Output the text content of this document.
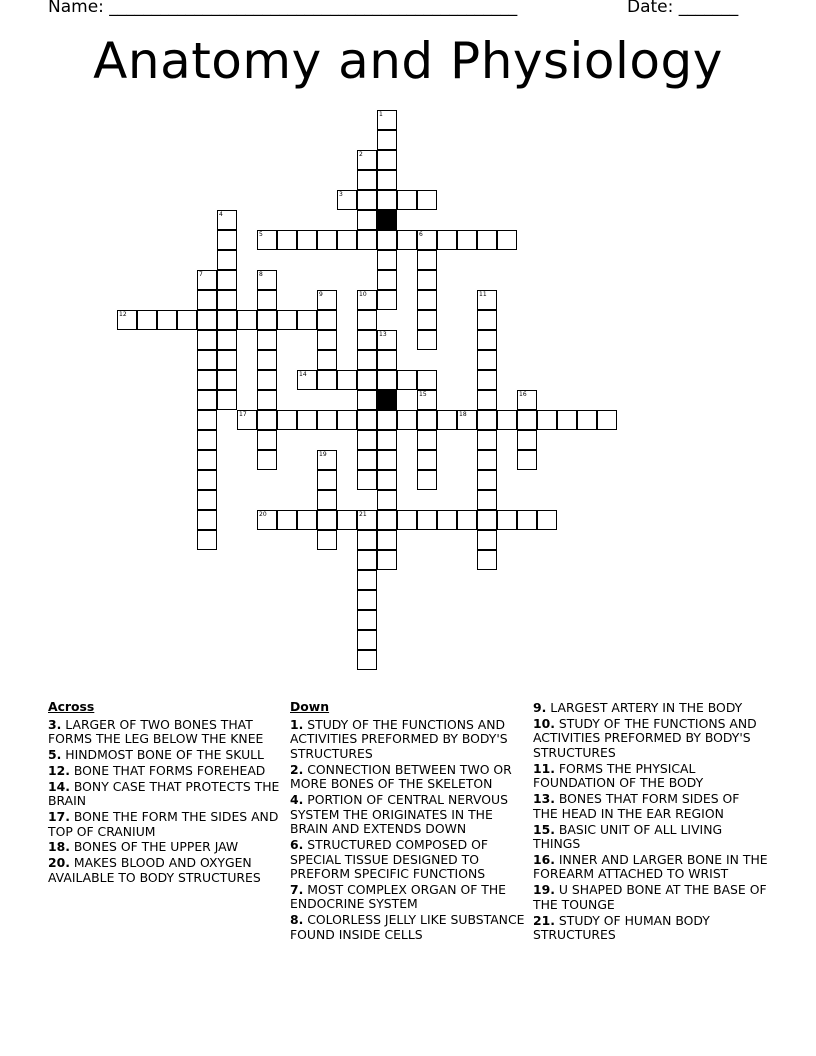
Name: ________________________________________________	Date: _______
Anatomy and Physiology
1
2
3
4
5	6
7	8
9	10	11
12
13
14
15	16
17	18
19
20	21
Across
3. LARGER OF TWO BONES THAT FORMS THE LEG BELOW THE KNEE
5. HINDMOST BONE OF THE SKULL
12. BONE THAT FORMS FOREHEAD
14. BONY CASE THAT PROTECTS THE BRAIN
17. BONE THE FORM THE SIDES AND TOP OF CRANIUM
18. BONES OF THE UPPER JAW
20. MAKES BLOOD AND OXYGEN AVAILABLE TO BODY STRUCTURES
Down
1. STUDY OF THE FUNCTIONS AND ACTIVITIES PREFORMED BY BODY'S STRUCTURES
2. CONNECTION BETWEEN TWO OR MORE BONES OF THE SKELETON
4. PORTION OF CENTRAL NERVOUS SYSTEM THE ORIGINATES IN THE BRAIN AND EXTENDS DOWN
6. STRUCTURED COMPOSED OF SPECIAL TISSUE DESIGNED TO PREFORM SPECIFIC FUNCTIONS
7. MOST COMPLEX ORGAN OF THE ENDOCRINE SYSTEM
8. COLORLESS JELLY LIKE SUBSTANCE FOUND INSIDE CELLS
9. LARGEST ARTERY IN THE BODY
10. STUDY OF THE FUNCTIONS AND ACTIVITIES PREFORMED BY BODY'S STRUCTURES
11. FORMS THE PHYSICAL FOUNDATION OF THE BODY
13. BONES THAT FORM SIDES OF THE HEAD IN THE EAR REGION
15. BASIC UNIT OF ALL LIVING THINGS
16. INNER AND LARGER BONE IN THE FOREARM ATTACHED TO WRIST
19. U SHAPED BONE AT THE BASE OF THE TOUNGE
21. STUDY OF HUMAN BODY STRUCTURES
